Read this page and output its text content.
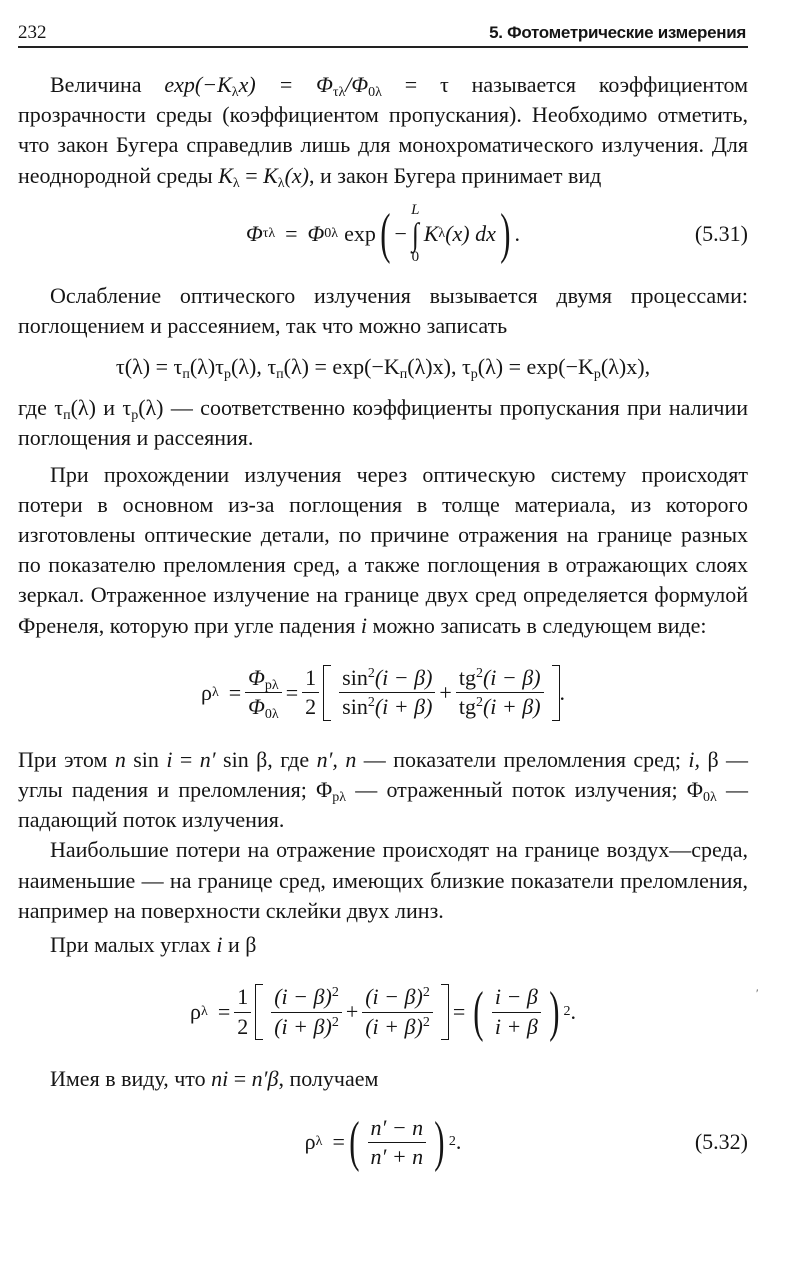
232	5. Фотометрические измерения

Величина $\exp(-K_\lambda x) = \Phi_{\tau\lambda}/\Phi_{0\lambda} = \tau$ называется коэффициентом прозрачности среды (коэффициентом пропускания). Необходимо отметить, что закон Бугера справедлив лишь для монохроматического излучения. Для неоднородной среды $K_\lambda = K_\lambda(x)$, и закон Бугера принимает вид

Φ τλ = Φ 0λ exp ( −
L
∫
0
K λ (x) dx ) .	(5.31)

Ослабление оптического излучения вызывается двумя процессами: поглощением и рассеянием, так что можно записать

$\tau(\lambda) = \tau_п(\lambda)\tau_р(\lambda)$, $\tau_п(\lambda) = \exp(-K_п(\lambda)x)$, $\tau_р(\lambda) = \exp(-K_р(\lambda)x)$,

где $\tau_п(\lambda)$ и $\tau_р(\lambda)$ — соответственно коэффициенты пропускания при наличии поглощения и рассеяния.

При прохождении излучения через оптическую систему происходят потери в основном из-за поглощения в толще материала, из которого изготовлены оптические детали, по причине отражения на границе разных по показателю преломления сред, а также поглощения в отражающих слоях зеркал. Отраженное излучение на границе двух сред определяется формулой Френеля, которую при угле падения i можно записать в следующем виде:

ρ $\lambda = \frac{\Phi_{p\lambda}}{\Phi_{0\lambda}} = \frac{1}{2} \frac{\sin^2(i - \beta)}{\sin^2(i + \beta)} + \frac{tg^2(i - \beta)}{tg^2(i + \beta)}$ .

При этом n sin i = n′ sin β, где n′, n — показатели преломления сред; i, β — углы падения и преломления; $\Phi_{p\lambda}$ — отраженный поток излучения; $\Phi_{0\lambda}$ — падающий поток излучения.

Наибольшие потери на отражение происходят на границе воздух—среда, наименьшие — на границе сред, имеющих близкие показатели преломления, например на поверхности склейки двух линз.

При малых углах i и β

ρ $\lambda = \frac{1}{2} \frac{(i - \beta)^2}{(i + \beta)^2} + \frac{(i - \beta)^2}{(i + \beta)^2}$ = ( $\frac{i - \beta}{i + \beta}$ ) 2 .

Имея в виду, что ni = n′β, получаем

ρ λ = ( $\frac{n' - n}{n' + n}$ ) 2 .	(5.32)
′
